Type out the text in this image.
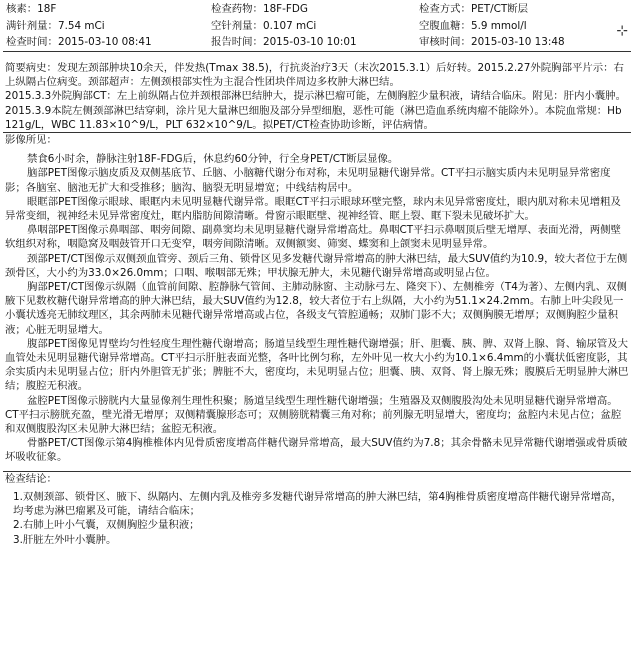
核素：18F	检查药物：18F-FDG	检查方式：PET/CT断层
满针剂量：7.54 mCi	空针剂量：0.107 mCi	空腹血糖：5.9 mmol/l
检查时间：2015-03-10 08:41	报告时间：2015-03-10 10:01	审核时间：2015-03-10 13:48
⊹

简要病史：发现左颈部肿块10余天，伴发热(Tmax 38.5)，行抗炎治疗3天（末次2015.3.1）后好转。2015.2.27外院胸部平片示：右上纵隔占位病变。颈部超声：左侧颈根部实性为主混合性团块伴周边多枚肿大淋巴结。

2015.3.3外院胸部CT：左上前纵隔占位并颈根部淋巴结肿大，提示淋巴瘤可能，左侧胸腔少量积液，请结合临床。附见：肝内小囊肿。2015.3.9本院左侧颈部淋巴结穿刺，涂片见大量淋巴细胞及部分异型细胞，恶性可能（淋巴造血系统肉瘤不能除外）。本院血常规：Hb 121g/L，WBC 11.83×10^9/L，PLT 632×10^9/L。拟PET/CT检查协助诊断，评估病情。

影像所见：

禁食6小时余，静脉注射18F-FDG后，休息约60分钟，行全身PET/CT断层显像。

脑部PET图像示脑皮质及双侧基底节、丘脑、小脑糖代谢分布对称，未见明显糖代谢异常。CT平扫示脑实质内未见明显异常密度影；各脑室、脑池无扩大和受推移；脑沟、脑裂无明显增宽；中线结构居中。

眼眶部PET图像示眼球、眼眶内未见明显糖代谢异常。眼眶CT平扫示眼球环壁完整，球内未见异常密度灶，眼内肌对称未见增粗及异常变细，视神经未见异常密度灶，眶内脂肪间隙清晰。骨窗示眼眶壁、视神经管、眶上裂、眶下裂未见破坏扩大。

鼻咽部PET图像示鼻咽部、咽旁间隙、副鼻窦均未见明显糖代谢异常增高灶。鼻咽CT平扫示鼻咽顶后壁无增厚、表面光滑，两侧壁软组织对称，咽隐窝及咽鼓管开口无变窄，咽旁间隙清晰。双侧额窦、筛窦、蝶窦和上颌窦未见明显异常。

颈部PET/CT图像示双侧颈血管旁、颈后三角、锁骨区见多发糖代谢异常增高的肿大淋巴结，最大SUV值约为10.9，较大者位于左侧颈骨区，大小约为33.0×26.0mm；口咽、喉咽部无殊；甲状腺无肿大，未见糖代谢异常增高或明显占位。

胸部PET/CT图像示纵隔（血管前间隙、腔静脉气管间、主肺动脉窗、主动脉弓左、隆突下）、左侧椎旁（T4为著）、左侧内乳、双侧腋下见数枚糖代谢异常增高的肿大淋巴结，最大SUV值约为12.8，较大者位于右上纵隔，大小约为51.1×24.2mm。右肺上叶尖段见一小囊状透亮无肺纹理区，其余两肺未见糖代谢异常增高或占位，各级支气管腔通畅；双肺门影不大；双侧胸膜无增厚；双侧胸腔少量积液；心脏无明显增大。

腹部PET图像见胃壁均匀性轻度生理性糖代谢增高；肠道呈线型生理性糖代谢增强；肝、胆囊、胰、脾、双肾上腺、肾、输尿管及大血管处未见明显糖代谢异常增高。CT平扫示肝脏表面光整，各叶比例匀称，左外叶见一枚大小约为10.1×6.4mm的小囊状低密度影，其余实质内未见明显占位；肝内外胆管无扩张；脾脏不大，密度均，未见明显占位；胆囊、胰、双肾、肾上腺无殊；腹膜后无明显肿大淋巴结；腹腔无积液。

盆腔PET图像示膀胱内大量显像剂生理性积聚；肠道呈线型生理性糖代谢增强；生殖器及双侧腹股沟处未见明显糖代谢异常增高。CT平扫示膀胱充盈，壁光滑无增厚；双侧精囊腺形态可；双侧膀胱精囊三角对称；前列腺无明显增大，密度均；盆腔内未见占位；盆腔和双侧腹股沟区未见肿大淋巴结；盆腔无积液。

骨骼PET/CT图像示第4胸椎椎体内见骨质密度增高伴糖代谢异常增高，最大SUV值约为7.8；其余骨骼未见异常糖代谢增强或骨质破坏吸收征象。

检查结论：

1.双侧颈部、锁骨区、腋下、纵隔内、左侧内乳及椎旁多发糖代谢异常增高的肿大淋巴结，第4胸椎骨质密度增高伴糖代谢异常增高，均考虑为淋巴瘤累及可能，请结合临床；

2.右肺上叶小气囊，双侧胸腔少量积液；

3.肝脏左外叶小囊肿。
